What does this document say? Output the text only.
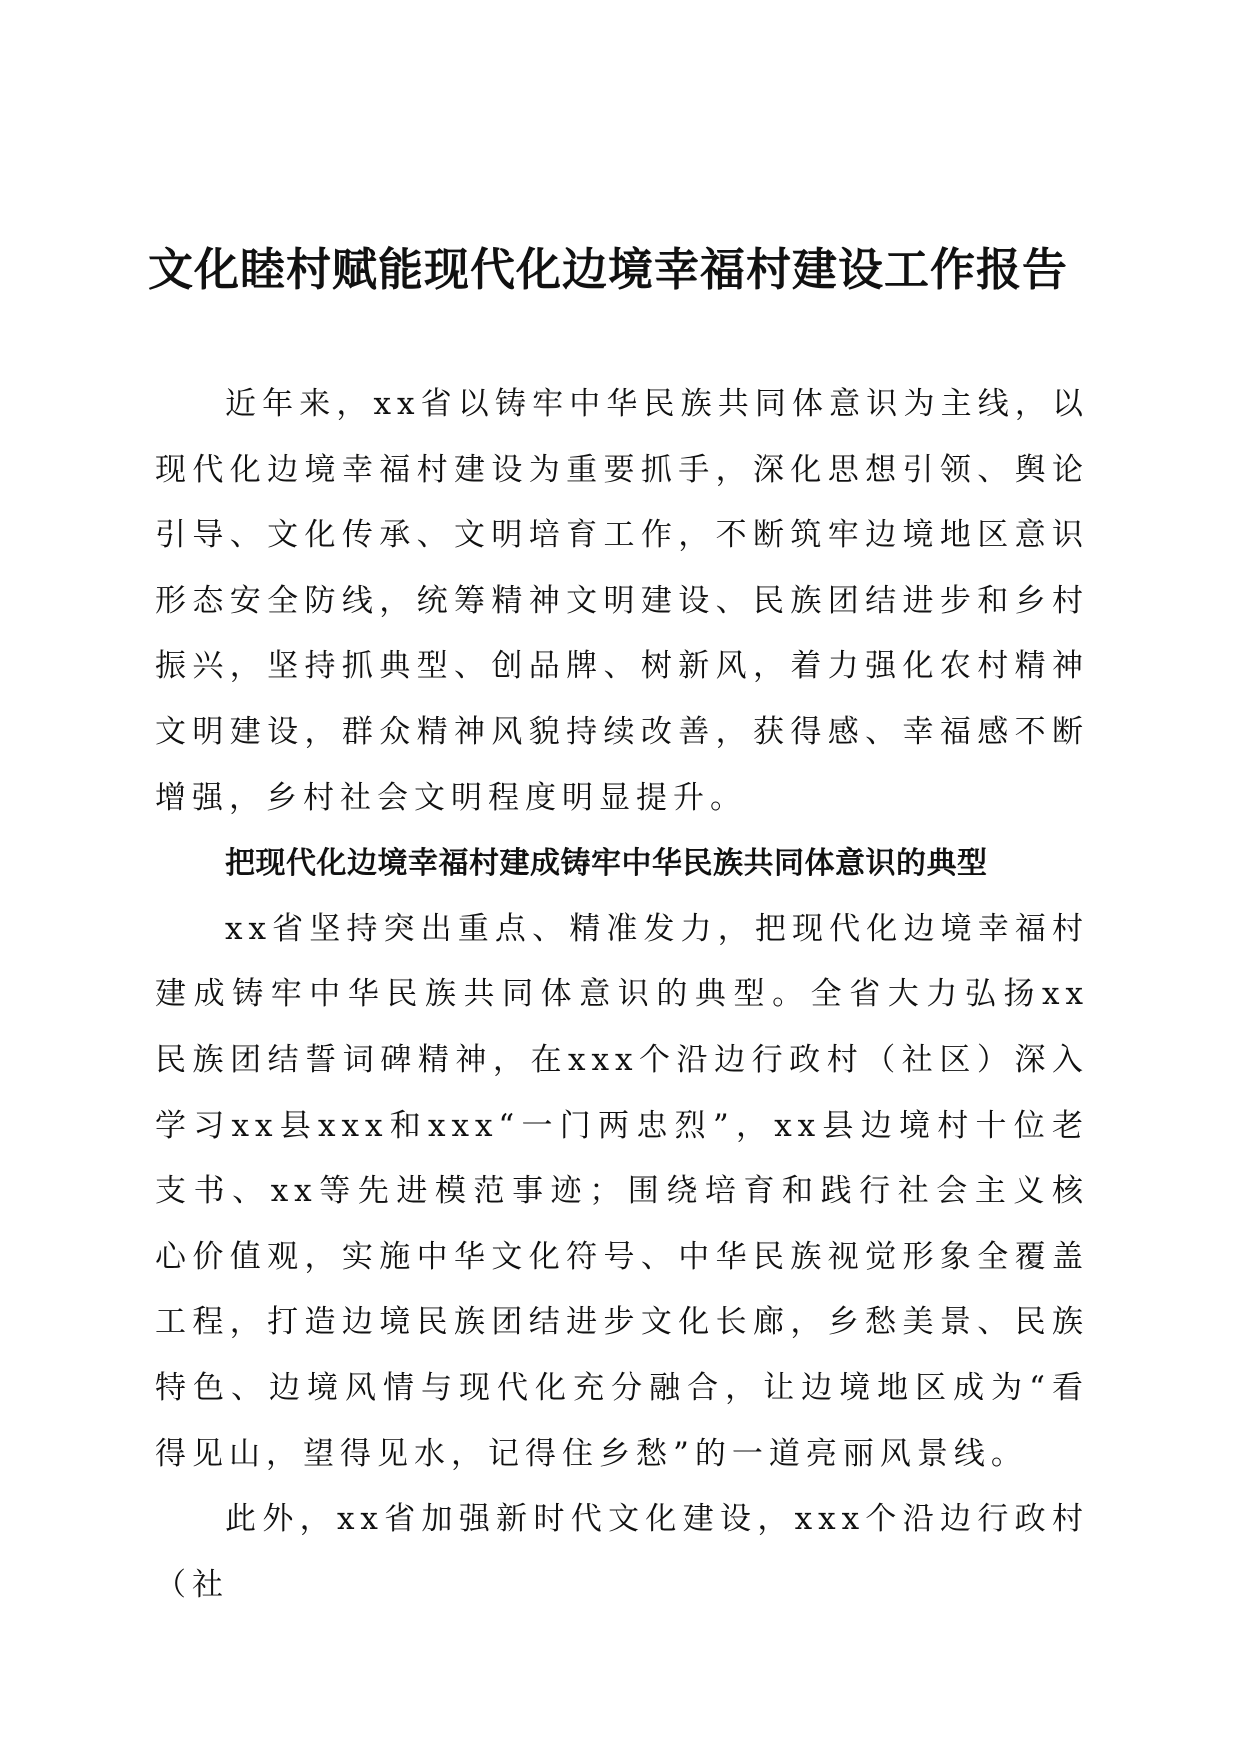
文化睦村赋能现代化边境幸福村建设工作报告

近年来，xx省以铸牢中华民族共同体意识为主线，以现代化边境幸福村建设为重要抓手，深化思想引领、舆论引导、文化传承、文明培育工作，不断筑牢边境地区意识形态安全防线，统筹精神文明建设、民族团结进步和乡村振兴，坚持抓典型、创品牌、树新风，着力强化农村精神文明建设，群众精神风貌持续改善，获得感、幸福感不断增强，乡村社会文明程度明显提升。

把现代化边境幸福村建成铸牢中华民族共同体意识的典型

xx省坚持突出重点、精准发力，把现代化边境幸福村建成铸牢中华民族共同体意识的典型。全省大力弘扬xx民族团结誓词碑精神，在xxx个沿边行政村（社区）深入学习xx县xxx和xxx“一门两忠烈”，xx县边境村十位老支书、xx等先进模范事迹；围绕培育和践行社会主义核心价值观，实施中华文化符号、中华民族视觉形象全覆盖工程，打造边境民族团结进步文化长廊，乡愁美景、民族特色、边境风情与现代化充分融合，让边境地区成为“看得见山，望得见水，记得住乡愁”的一道亮丽风景线。

此外，xx省加强新时代文化建设，xxx个沿边行政村（社
